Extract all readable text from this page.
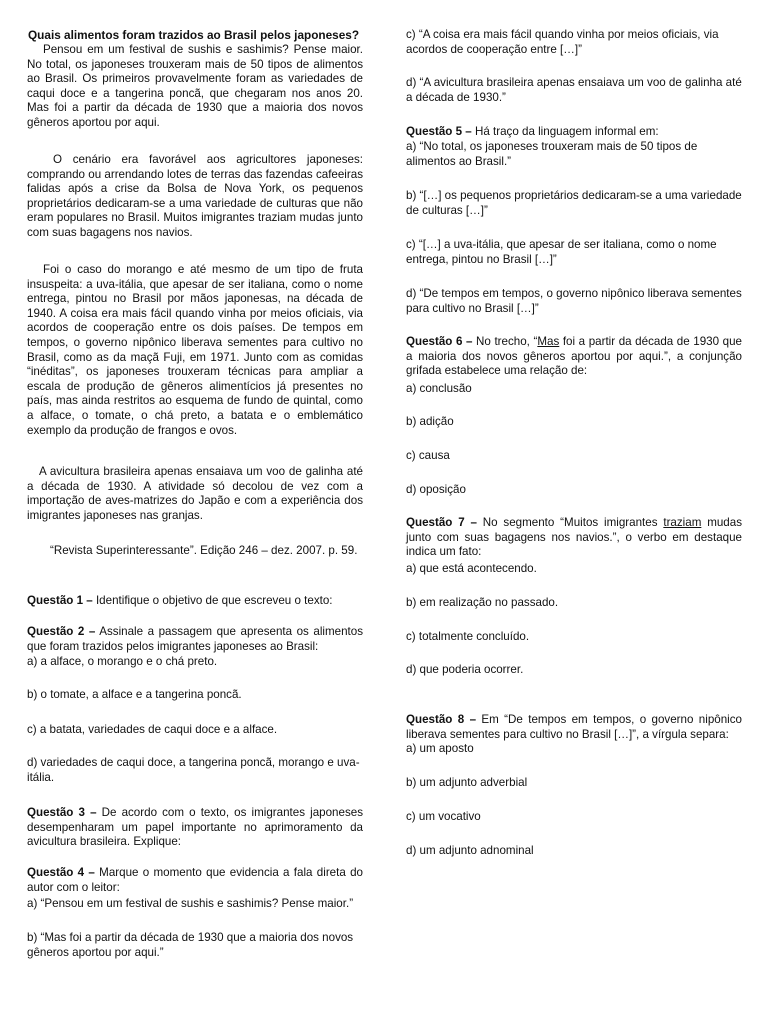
Quais alimentos foram trazidos ao Brasil pelos japoneses?

Pensou em um festival de sushis e sashimis? Pense maior. No total, os japoneses trouxeram mais de 50 tipos de alimentos ao Brasil. Os primeiros provavelmente foram as variedades de caqui doce e a tangerina poncã, que chegaram nos anos 20. Mas foi a partir da década de 1930 que a maioria dos novos gêneros aportou por aqui.

O cenário era favorável aos agricultores japoneses: comprando ou arrendando lotes de terras das fazendas cafeeiras falidas após a crise da Bolsa de Nova York, os pequenos proprietários dedicaram-se a uma variedade de culturas que não eram populares no Brasil. Muitos imigrantes traziam mudas junto com suas bagagens nos navios.

Foi o caso do morango e até mesmo de um tipo de fruta insuspeita: a uva-itália, que apesar de ser italiana, como o nome entrega, pintou no Brasil por mãos japonesas, na década de 1940. A coisa era mais fácil quando vinha por meios oficiais, via acordos de cooperação entre os dois países. De tempos em tempos, o governo nipônico liberava sementes para cultivo no Brasil, como as da maçã Fuji, em 1971. Junto com as comidas “inéditas”, os japoneses trouxeram técnicas para ampliar a escala de produção de gêneros alimentícios já presentes no país, mas ainda restritos ao esquema de fundo de quintal, como a alface, o tomate, o chá preto, a batata e o emblemático exemplo da produção de frangos e ovos.

A avicultura brasileira apenas ensaiava um voo de galinha até a década de 1930. A atividade só decolou de vez com a importação de aves-matrizes do Japão e com a experiência dos imigrantes japoneses nas granjas.

“Revista Superinteressante”. Edição 246 – dez. 2007. p. 59.

Questão 1 – Identifique o objetivo de que escreveu o texto:

Questão 2 – Assinale a passagem que apresenta os alimentos que foram trazidos pelos imigrantes japoneses ao Brasil:

a) a alface, o morango e o chá preto.
b) o tomate, a alface e a tangerina poncã.
c) a batata, variedades de caqui doce e a alface.
d) variedades de caqui doce, a tangerina poncã, morango e uva-itália.

Questão 3 – De acordo com o texto, os imigrantes japoneses desempenharam um papel importante no aprimoramento da avicultura brasileira. Explique:

Questão 4 – Marque o momento que evidencia a fala direta do autor com o leitor:

a) “Pensou em um festival de sushis e sashimis? Pense maior.”
b) “Mas foi a partir da década de 1930 que a maioria dos novos gêneros aportou por aqui.”
c) “A coisa era mais fácil quando vinha por meios oficiais, via acordos de cooperação entre […]”
d) “A avicultura brasileira apenas ensaiava um voo de galinha até a década de 1930.”

Questão 5 – Há traço da linguagem informal em:

a) “No total, os japoneses trouxeram mais de 50 tipos de alimentos ao Brasil.”
b) “[…] os pequenos proprietários dedicaram-se a uma variedade de culturas […]”
c) “[…] a uva-itália, que apesar de ser italiana, como o nome entrega, pintou no Brasil […]”
d) “De tempos em tempos, o governo nipônico liberava sementes para cultivo no Brasil […]”

Questão 6 – No trecho, “Mas foi a partir da década de 1930 que a maioria dos novos gêneros aportou por aqui.”, a conjunção grifada estabelece uma relação de:

a) conclusão
b) adição
c) causa
d) oposição

Questão 7 – No segmento “Muitos imigrantes traziam mudas junto com suas bagagens nos navios.”, o verbo em destaque indica um fato:

a) que está acontecendo.
b) em realização no passado.
c) totalmente concluído.
d) que poderia ocorrer.

Questão 8 – Em “De tempos em tempos, o governo nipônico liberava sementes para cultivo no Brasil […]”, a vírgula separa:

a) um aposto
b) um adjunto adverbial
c) um vocativo
d) um adjunto adnominal
